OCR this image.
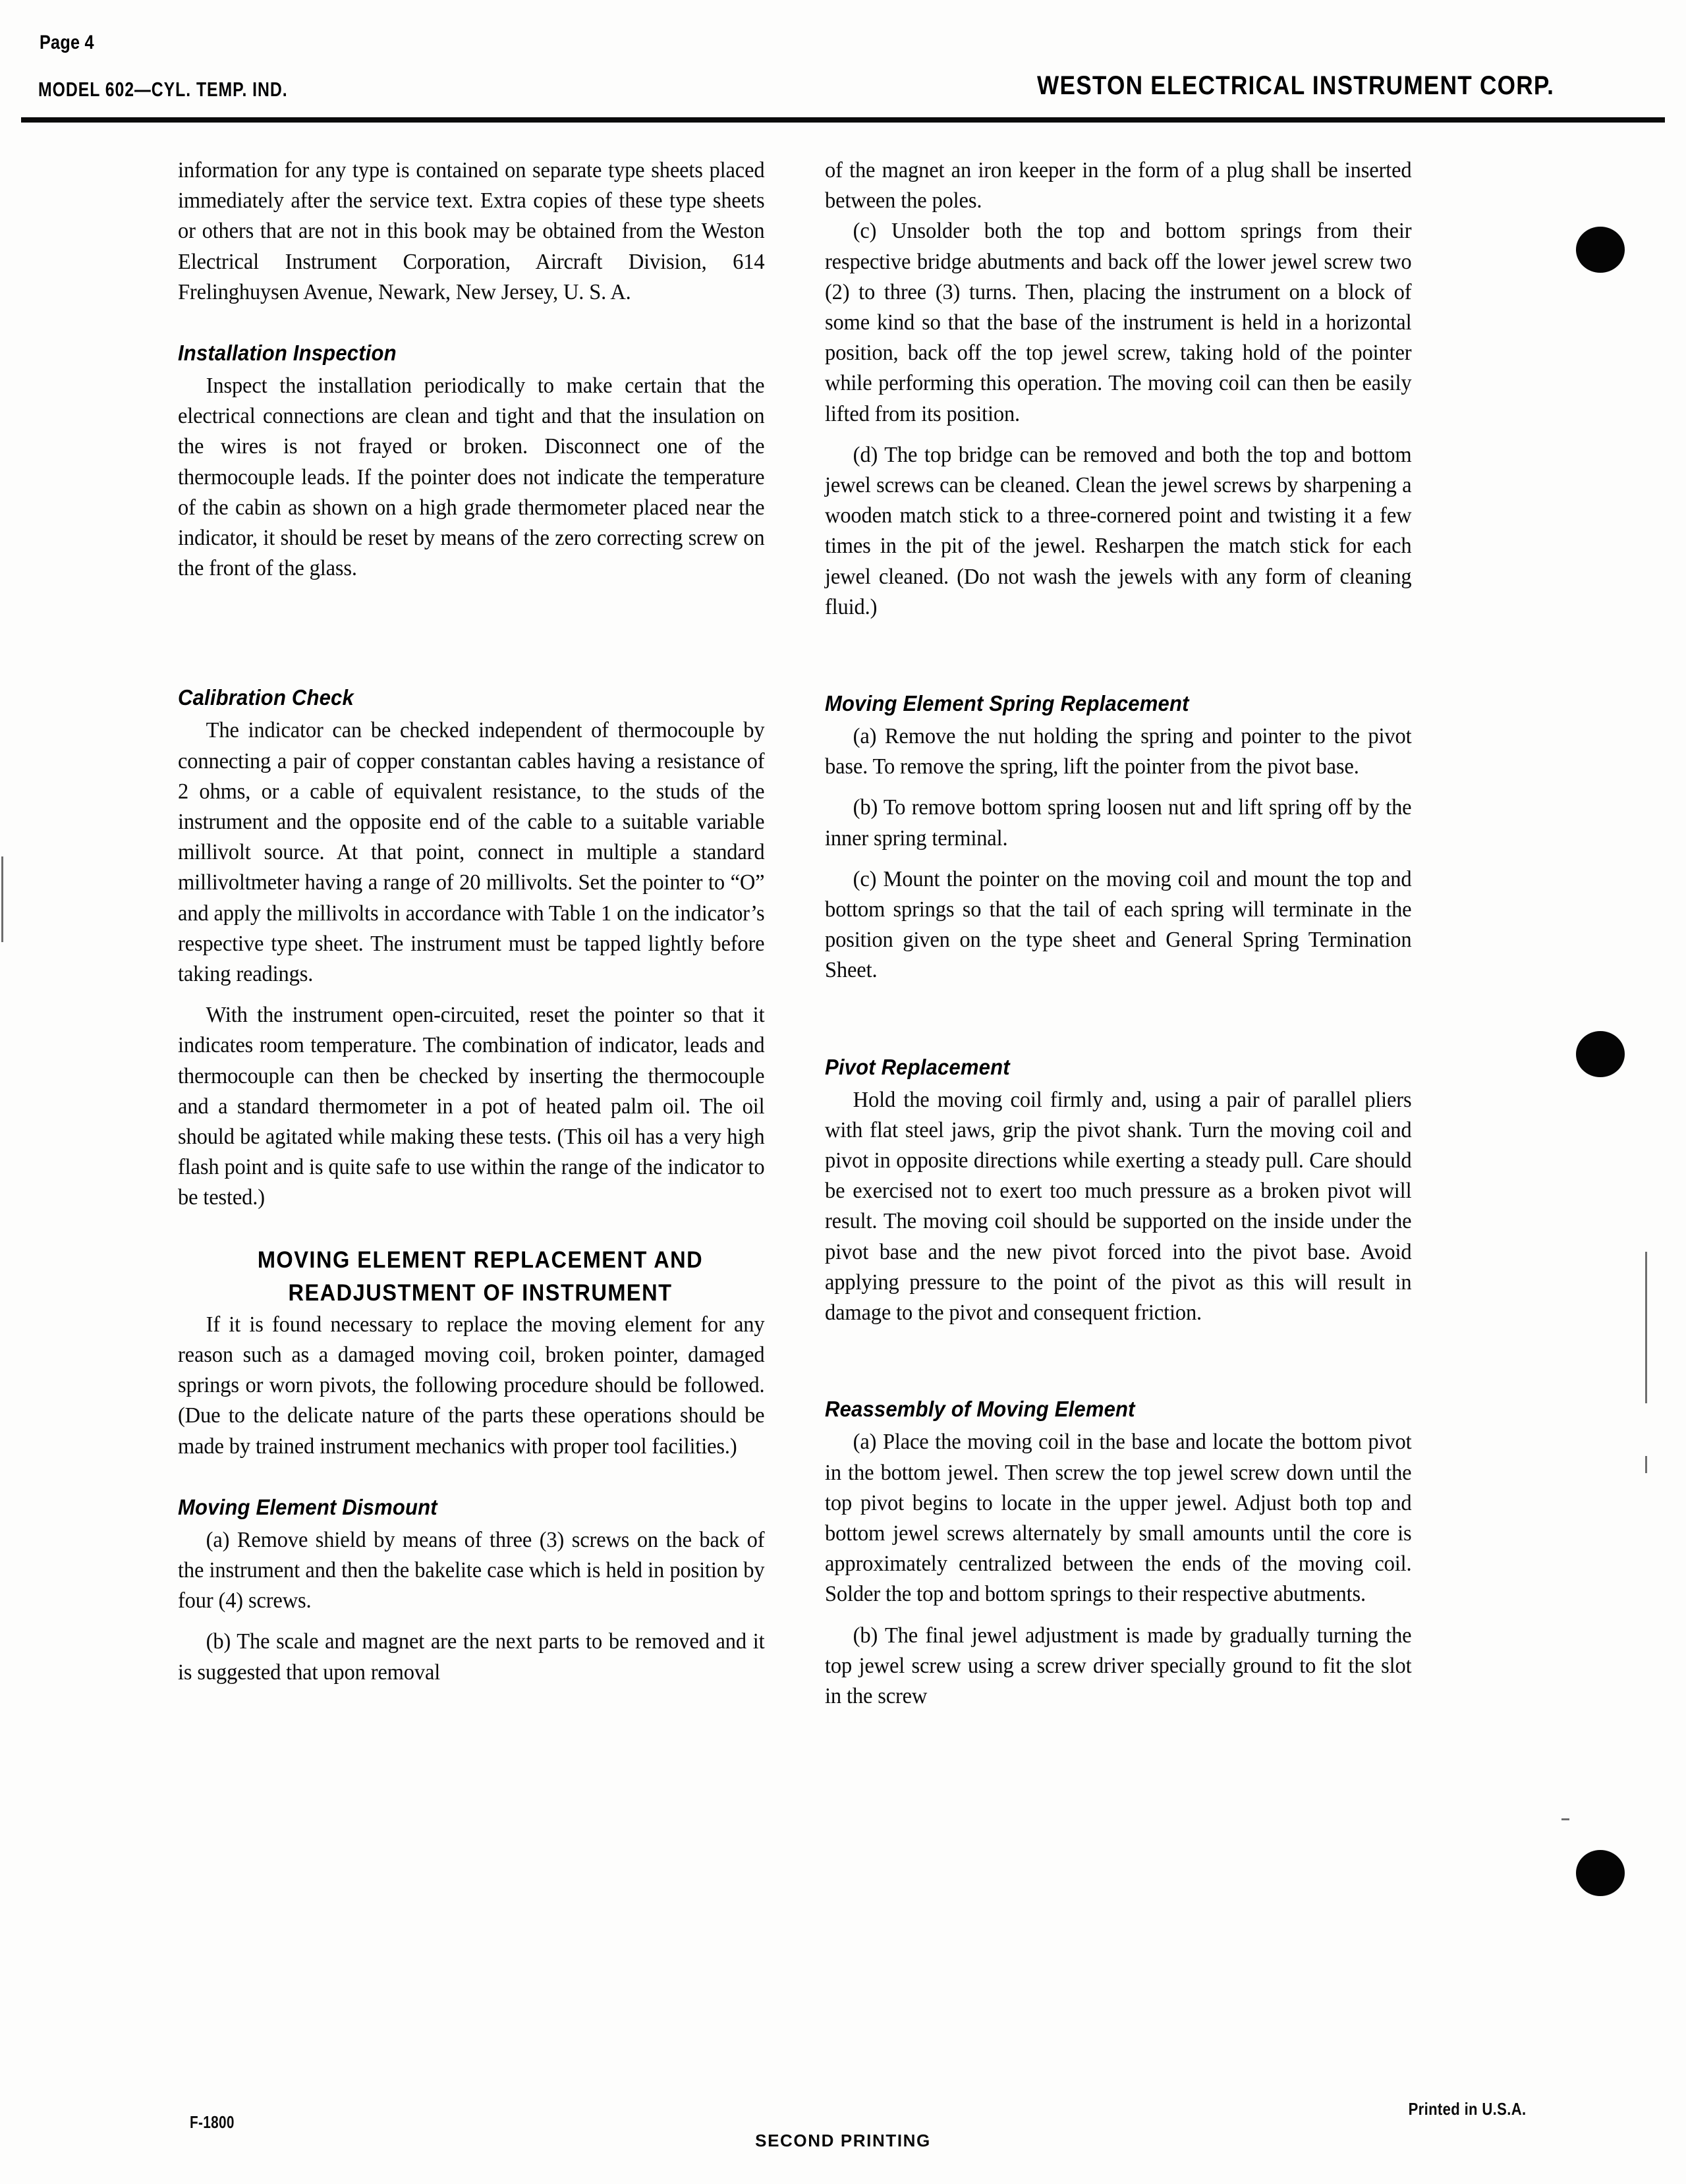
Page 4
MODEL 602—CYL. TEMP. IND.	WESTON ELECTRICAL INSTRUMENT CORP.

information for any type is contained on separate type sheets placed immediately after the service text. Extra copies of these type sheets or others that are not in this book may be obtained from the Weston Electrical Instrument Corporation, Aircraft Division, 614 Frelinghuysen Avenue, Newark, New Jersey, U. S. A.

Installation Inspection

Inspect the installation periodically to make certain that the electrical connections are clean and tight and that the insulation on the wires is not frayed or broken. Disconnect one of the thermocouple leads. If the pointer does not indicate the temperature of the cabin as shown on a high grade thermometer placed near the indicator, it should be reset by means of the zero correcting screw on the front of the glass.

Calibration Check

The indicator can be checked independent of thermocouple by connecting a pair of copper constantan cables having a resistance of 2 ohms, or a cable of equivalent resistance, to the studs of the instrument and the opposite end of the cable to a suitable variable millivolt source. At that point, connect in multiple a standard millivoltmeter having a range of 20 millivolts. Set the pointer to “O” and apply the millivolts in accordance with Table 1 on the indicator’s respective type sheet. The instrument must be tapped lightly before taking readings.

With the instrument open-circuited, reset the pointer so that it indicates room temperature. The combination of indicator, leads and thermocouple can then be checked by inserting the thermocouple and a standard thermometer in a pot of heated palm oil. The oil should be agitated while making these tests. (This oil has a very high flash point and is quite safe to use within the range of the indicator to be tested.)

MOVING ELEMENT REPLACEMENT AND
READJUSTMENT OF INSTRUMENT

If it is found necessary to replace the moving element for any reason such as a damaged moving coil, broken pointer, damaged springs or worn pivots, the following procedure should be followed. (Due to the delicate nature of the parts these operations should be made by trained instrument mechanics with proper tool facilities.)

Moving Element Dismount

(a) Remove shield by means of three (3) screws on the back of the instrument and then the bakelite case which is held in position by four (4) screws.

(b) The scale and magnet are the next parts to be removed and it is suggested that upon removal

of the magnet an iron keeper in the form of a plug shall be inserted between the poles.

(c) Unsolder both the top and bottom springs from their respective bridge abutments and back off the lower jewel screw two (2) to three (3) turns. Then, placing the instrument on a block of some kind so that the base of the instrument is held in a horizontal position, back off the top jewel screw, taking hold of the pointer while performing this operation. The moving coil can then be easily lifted from its position.

(d) The top bridge can be removed and both the top and bottom jewel screws can be cleaned. Clean the jewel screws by sharpening a wooden match stick to a three-cornered point and twisting it a few times in the pit of the jewel. Resharpen the match stick for each jewel cleaned. (Do not wash the jewels with any form of cleaning fluid.)

Moving Element Spring Replacement

(a) Remove the nut holding the spring and pointer to the pivot base. To remove the spring, lift the pointer from the pivot base.

(b) To remove bottom spring loosen nut and lift spring off by the inner spring terminal.

(c) Mount the pointer on the moving coil and mount the top and bottom springs so that the tail of each spring will terminate in the position given on the type sheet and General Spring Termination Sheet.

Pivot Replacement

Hold the moving coil firmly and, using a pair of parallel pliers with flat steel jaws, grip the pivot shank. Turn the moving coil and pivot in opposite directions while exerting a steady pull. Care should be exercised not to exert too much pressure as a broken pivot will result. The moving coil should be supported on the inside under the pivot base and the new pivot forced into the pivot base. Avoid applying pressure to the point of the pivot as this will result in damage to the pivot and consequent friction.

Reassembly of Moving Element

(a) Place the moving coil in the base and locate the bottom pivot in the bottom jewel. Then screw the top jewel screw down until the top pivot begins to locate in the upper jewel. Adjust both top and bottom jewel screws alternately by small amounts until the core is approximately centralized between the ends of the moving coil. Solder the top and bottom springs to their respective abutments.

(b) The final jewel adjustment is made by gradually turning the top jewel screw using a screw driver specially ground to fit the slot in the screw

F-1800
SECOND PRINTING
Printed in U.S.A.
